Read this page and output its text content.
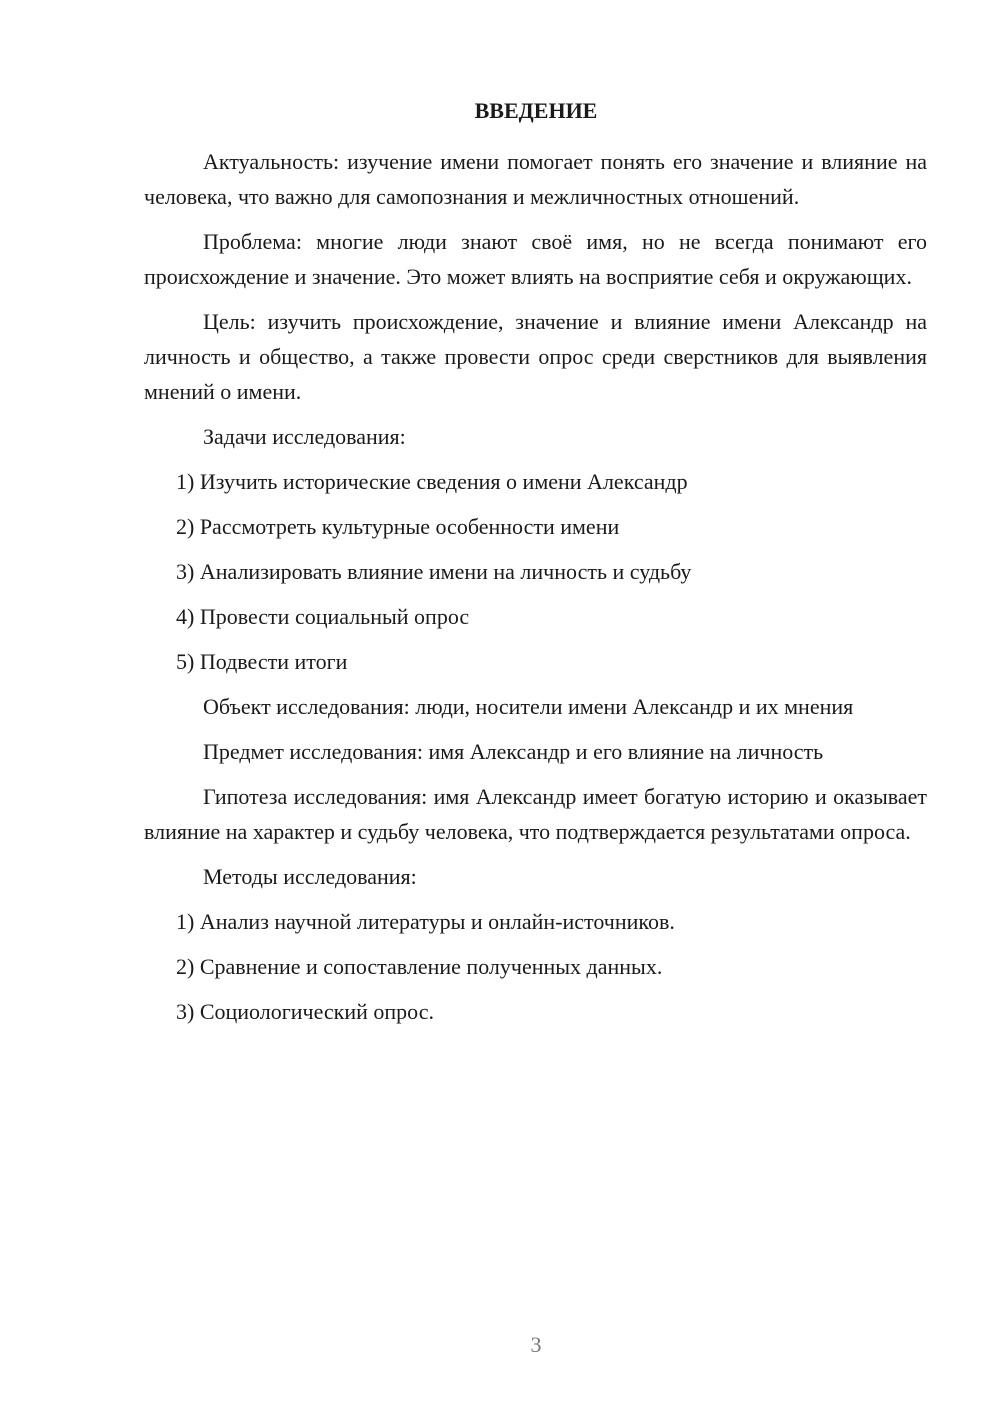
ВВЕДЕНИЕ

Актуальность: изучение имени помогает понять его значение и влияние на человека, что важно для самопознания и межличностных отношений.

Проблема: многие люди знают своё имя, но не всегда понимают его происхождение и значение. Это может влиять на восприятие себя и окружающих.

Цель: изучить происхождение, значение и влияние имени Александр на личность и общество, а также провести опрос среди сверстников для выявления мнений о имени.

Задачи исследования:

1) Изучить исторические сведения о имени Александр
2) Рассмотреть культурные особенности имени
3) Анализировать влияние имени на личность и судьбу
4) Провести социальный опрос
5) Подвести итоги

Объект исследования: люди, носители имени Александр и их мнения

Предмет исследования: имя Александр и его влияние на личность

Гипотеза исследования: имя Александр имеет богатую историю и оказывает влияние на характер и судьбу человека, что подтверждается результатами опроса.

Методы исследования:

1) Анализ научной литературы и онлайн-источников.
2) Сравнение и сопоставление полученных данных.
3) Социологический опрос.
3
